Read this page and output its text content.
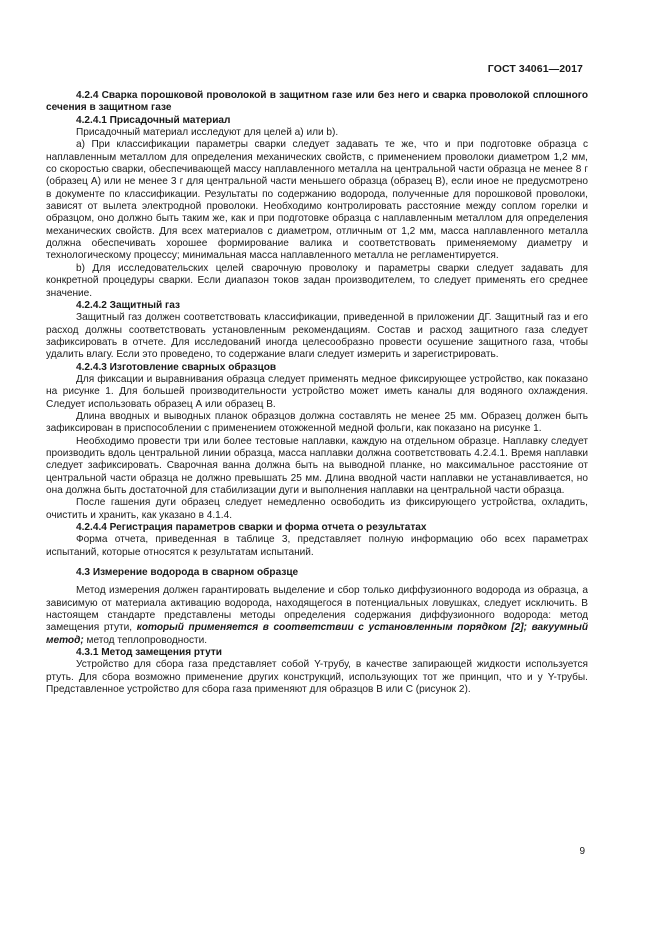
ГОСТ 34061—2017

4.2.4 Сварка порошковой проволокой в защитном газе или без него и сварка проволокой сплошного сечения в защитном газе

4.2.4.1 Присадочный материал

Присадочный материал исследуют для целей а) или b).

а) При классификации параметры сварки следует задавать те же, что и при подготовке образца с наплавленным металлом для определения механических свойств, с применением проволоки диаметром 1,2 мм, со скоростью сварки, обеспечивающей массу наплавленного металла на центральной части образца не менее 8 г (образец А) или не менее 3 г для центральной части меньшего образца (образец В), если иное не предусмотрено в документе по классификации. Результаты по содержанию водорода, полученные для порошковой проволоки, зависят от вылета электродной проволоки. Необходимо контролировать расстояние между соплом горелки и образцом, оно должно быть таким же, как и при подготовке образца с наплавленным металлом для определения механических свойств. Для всех материалов с диаметром, отличным от 1,2 мм, масса наплавленного металла должна обеспечивать хорошее формирование валика и соответствовать применяемому диаметру и технологическому процессу; минимальная масса наплавленного металла не регламентируется.

b) Для исследовательских целей сварочную проволоку и параметры сварки следует задавать для конкретной процедуры сварки. Если диапазон токов задан производителем, то следует применять его среднее значение.

4.2.4.2 Защитный газ

Защитный газ должен соответствовать классификации, приведенной в приложении ДГ. Защитный газ и его расход должны соответствовать установленным рекомендациям. Состав и расход защитного газа следует зафиксировать в отчете. Для исследований иногда целесообразно провести осушение защитного газа, чтобы удалить влагу. Если это проведено, то содержание влаги следует измерить и зарегистрировать.

4.2.4.3 Изготовление сварных образцов

Для фиксации и выравнивания образца следует применять медное фиксирующее устройство, как показано на рисунке 1. Для большей производительности устройство может иметь каналы для водяного охлаждения. Следует использовать образец А или образец В.

Длина вводных и выводных планок образцов должна составлять не менее 25 мм. Образец должен быть зафиксирован в приспособлении с применением отожженной медной фольги, как показано на рисунке 1.

Необходимо провести три или более тестовые наплавки, каждую на отдельном образце. Наплавку следует производить вдоль центральной линии образца, масса наплавки должна соответствовать 4.2.4.1. Время наплавки следует зафиксировать. Сварочная ванна должна быть на выводной планке, но максимальное расстояние от центральной части образца не должно превышать 25 мм. Длина вводной части наплавки не устанавливается, но она должна быть достаточной для стабилизации дуги и выполнения наплавки на центральной части образца.

После гашения дуги образец следует немедленно освободить из фиксирующего устройства, охладить, очистить и хранить, как указано в 4.1.4.

4.2.4.4 Регистрация параметров сварки и форма отчета о результатах

Форма отчета, приведенная в таблице 3, представляет полную информацию обо всех параметрах испытаний, которые относятся к результатам испытаний.

4.3 Измерение водорода в сварном образце

Метод измерения должен гарантировать выделение и сбор только диффузионного водорода из образца, а зависимую от материала активацию водорода, находящегося в потенциальных ловушках, следует исключить. В настоящем стандарте представлены методы определения содержания диффузионного водорода: метод замещения ртути, который применяется в соответствии с установленным порядком [2]; вакуумный метод; метод теплопроводности.

4.3.1 Метод замещения ртути

Устройство для сбора газа представляет собой Y-трубу, в качестве запирающей жидкости используется ртуть. Для сбора возможно применение других конструкций, использующих тот же принцип, что и у Y-трубы. Представленное устройство для сбора газа применяют для образцов В или С (рисунок 2).

9
